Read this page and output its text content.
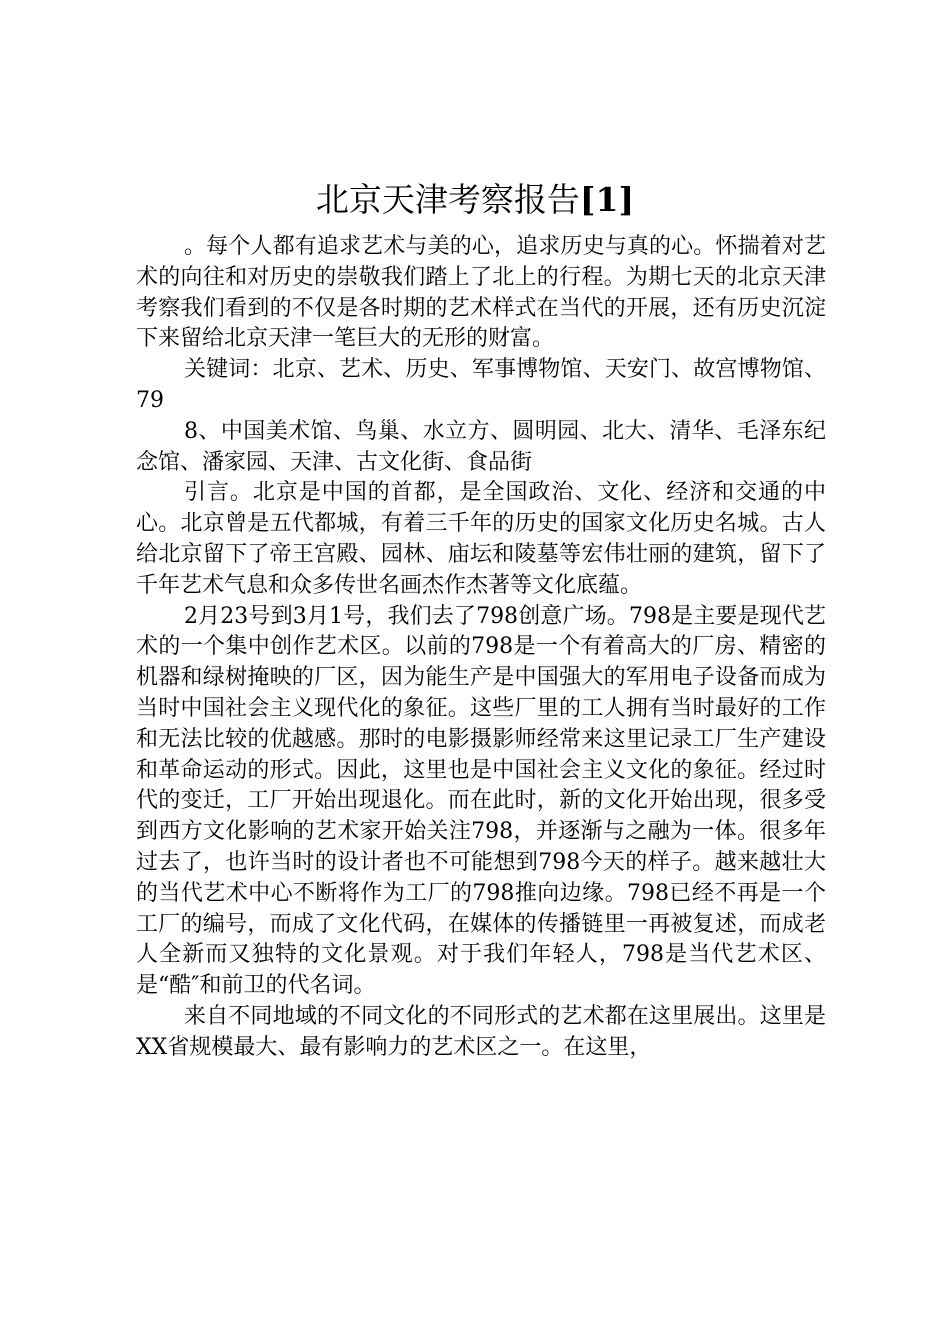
北京天津考察报告[1]

。每个人都有追求艺术与美的心，追求历史与真的心。怀揣着对艺术的向往和对历史的崇敬我们踏上了北上的行程。为期七天的北京天津考察我们看到的不仅是各时期的艺术样式在当代的开展，还有历史沉淀下来留给北京天津一笔巨大的无形的财富。

关键词：北京、艺术、历史、军事博物馆、天安门、故宫博物馆、79

8、中国美术馆、鸟巢、水立方、圆明园、北大、清华、毛泽东纪念馆、潘家园、天津、古文化街、食品街

引言。北京是中国的首都，是全国政治、文化、经济和交通的中心。北京曾是五代都城，有着三千年的历史的国家文化历史名城。古人给北京留下了帝王宫殿、园林、庙坛和陵墓等宏伟壮丽的建筑，留下了千年艺术气息和众多传世名画杰作杰著等文化底蕴。

2月23号到3月1号，我们去了798创意广场。798是主要是现代艺术的一个集中创作艺术区。以前的798是一个有着高大的厂房、精密的机器和绿树掩映的厂区，因为能生产是中国强大的军用电子设备而成为当时中国社会主义现代化的象征。这些厂里的工人拥有当时最好的工作和无法比较的优越感。那时的电影摄影师经常来这里记录工厂生产建设和革命运动的形式。因此，这里也是中国社会主义文化的象征。经过时代的变迁，工厂开始出现退化。而在此时，新的文化开始出现，很多受到西方文化影响的艺术家开始关注798，并逐渐与之融为一体。很多年过去了，也许当时的设计者也不可能想到798今天的样子。越来越壮大的当代艺术中心不断将作为工厂的798推向边缘。798已经不再是一个工厂的编号，而成了文化代码，在媒体的传播链里一再被复述，而成老人全新而又独特的文化景观。对于我们年轻人，798是当代艺术区、是“酷″和前卫的代名词。

来自不同地域的不同文化的不同形式的艺术都在这里展出。这里是XX省规模最大、最有影响力的艺术区之一。在这里，
